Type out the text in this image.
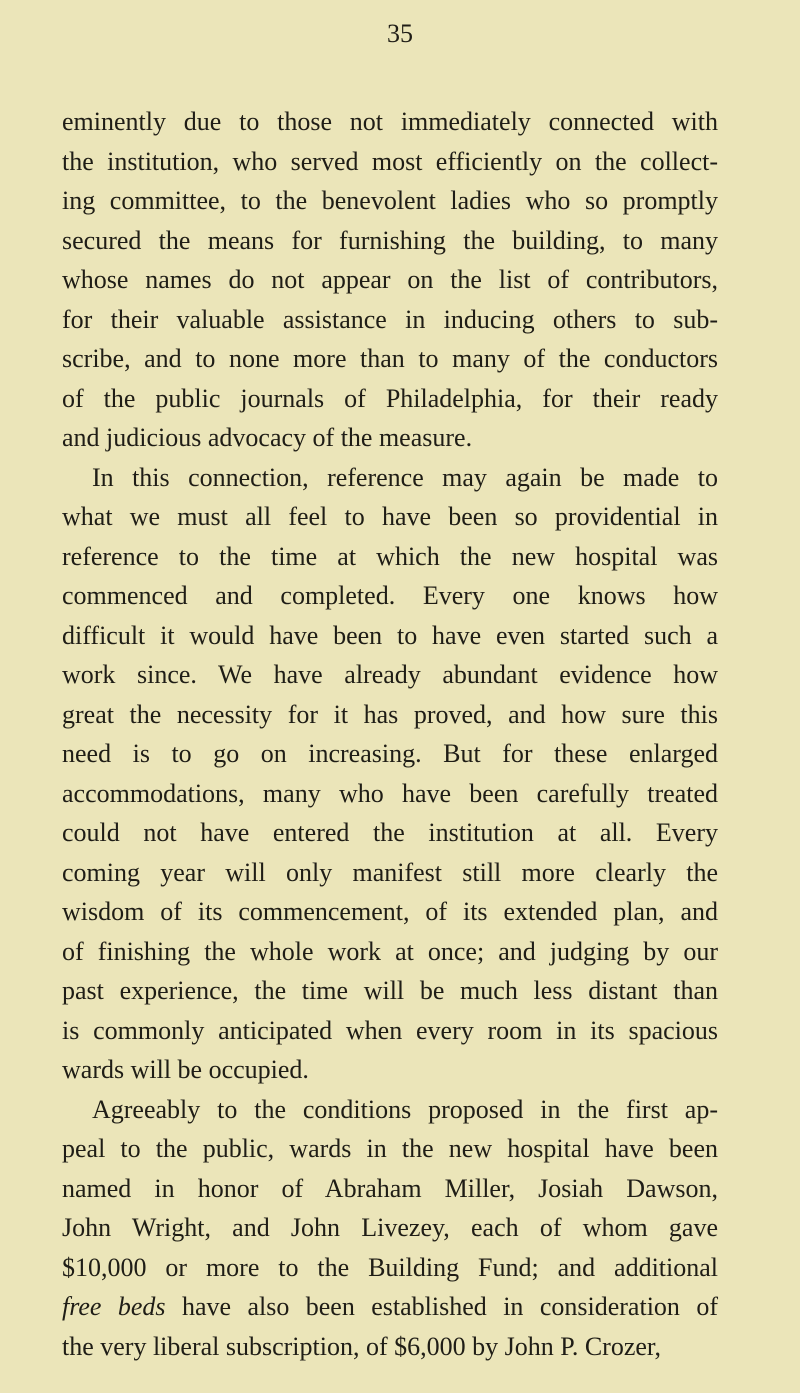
35
eminently due to those not immediately connected with
the institution, who served most efficiently on the collect-
ing committee, to the benevolent ladies who so promptly
secured the means for furnishing the building, to many
whose names do not appear on the list of contributors,
for their valuable assistance in inducing others to sub-
scribe, and to none more than to many of the conductors
of the public journals of Philadelphia, for their ready
and judicious advocacy of the measure.
In this connection, reference may again be made to
what we must all feel to have been so providential in
reference to the time at which the new hospital was
commenced and completed. Every one knows how
difficult it would have been to have even started such a
work since. We have already abundant evidence how
great the necessity for it has proved, and how sure this
need is to go on increasing. But for these enlarged
accommodations, many who have been carefully treated
could not have entered the institution at all. Every
coming year will only manifest still more clearly the
wisdom of its commencement, of its extended plan, and
of finishing the whole work at once; and judging by our
past experience, the time will be much less distant than
is commonly anticipated when every room in its spacious
wards will be occupied.
Agreeably to the conditions proposed in the first ap-
peal to the public, wards in the new hospital have been
named in honor of Abraham Miller, Josiah Dawson,
John Wright, and John Livezey, each of whom gave
$10,000 or more to the Building Fund; and additional
free beds have also been established in consideration of
the very liberal subscription, of $6,000 by John P. Crozer,
